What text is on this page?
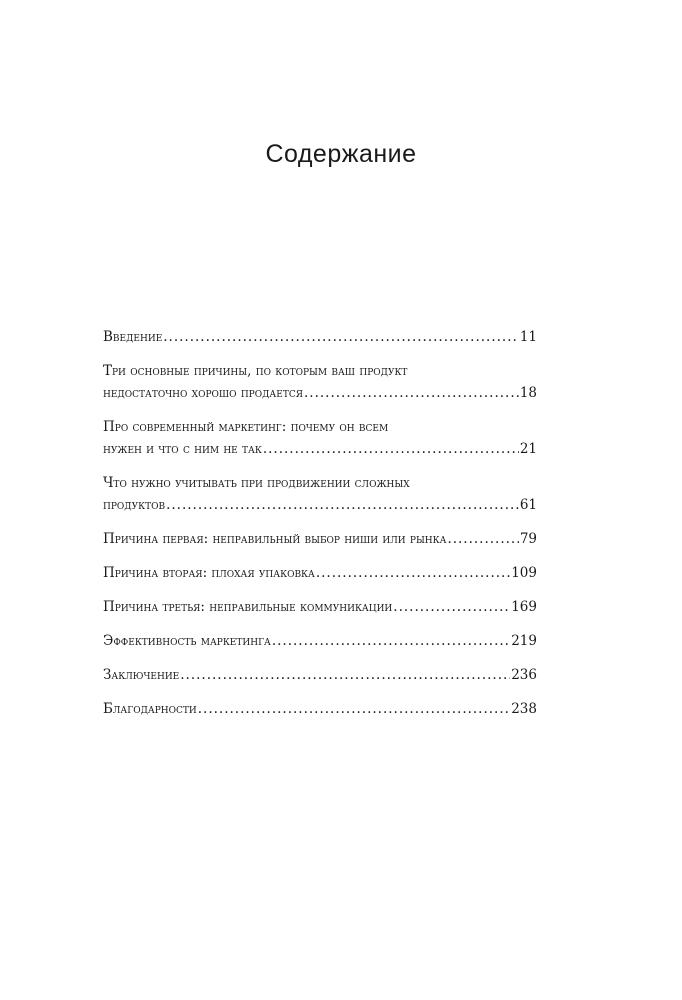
Содержание
Введение .....	11
Три основные причины, по которым ваш продукт
недостаточно хорошо продается .....	18
Про современный маркетинг: почему он всем
нужен и что с ним не так .....	21
Что нужно учитывать при продвижении сложных
продуктов .....	61
Причина первая: неправильный выбор ниши или рынка .....	79
Причина вторая: плохая упаковка .....	109
Причина третья: неправильные коммуникации .....	169
Эффективность маркетинга .....	219
Заключение .....	236
Благодарности .....	238
